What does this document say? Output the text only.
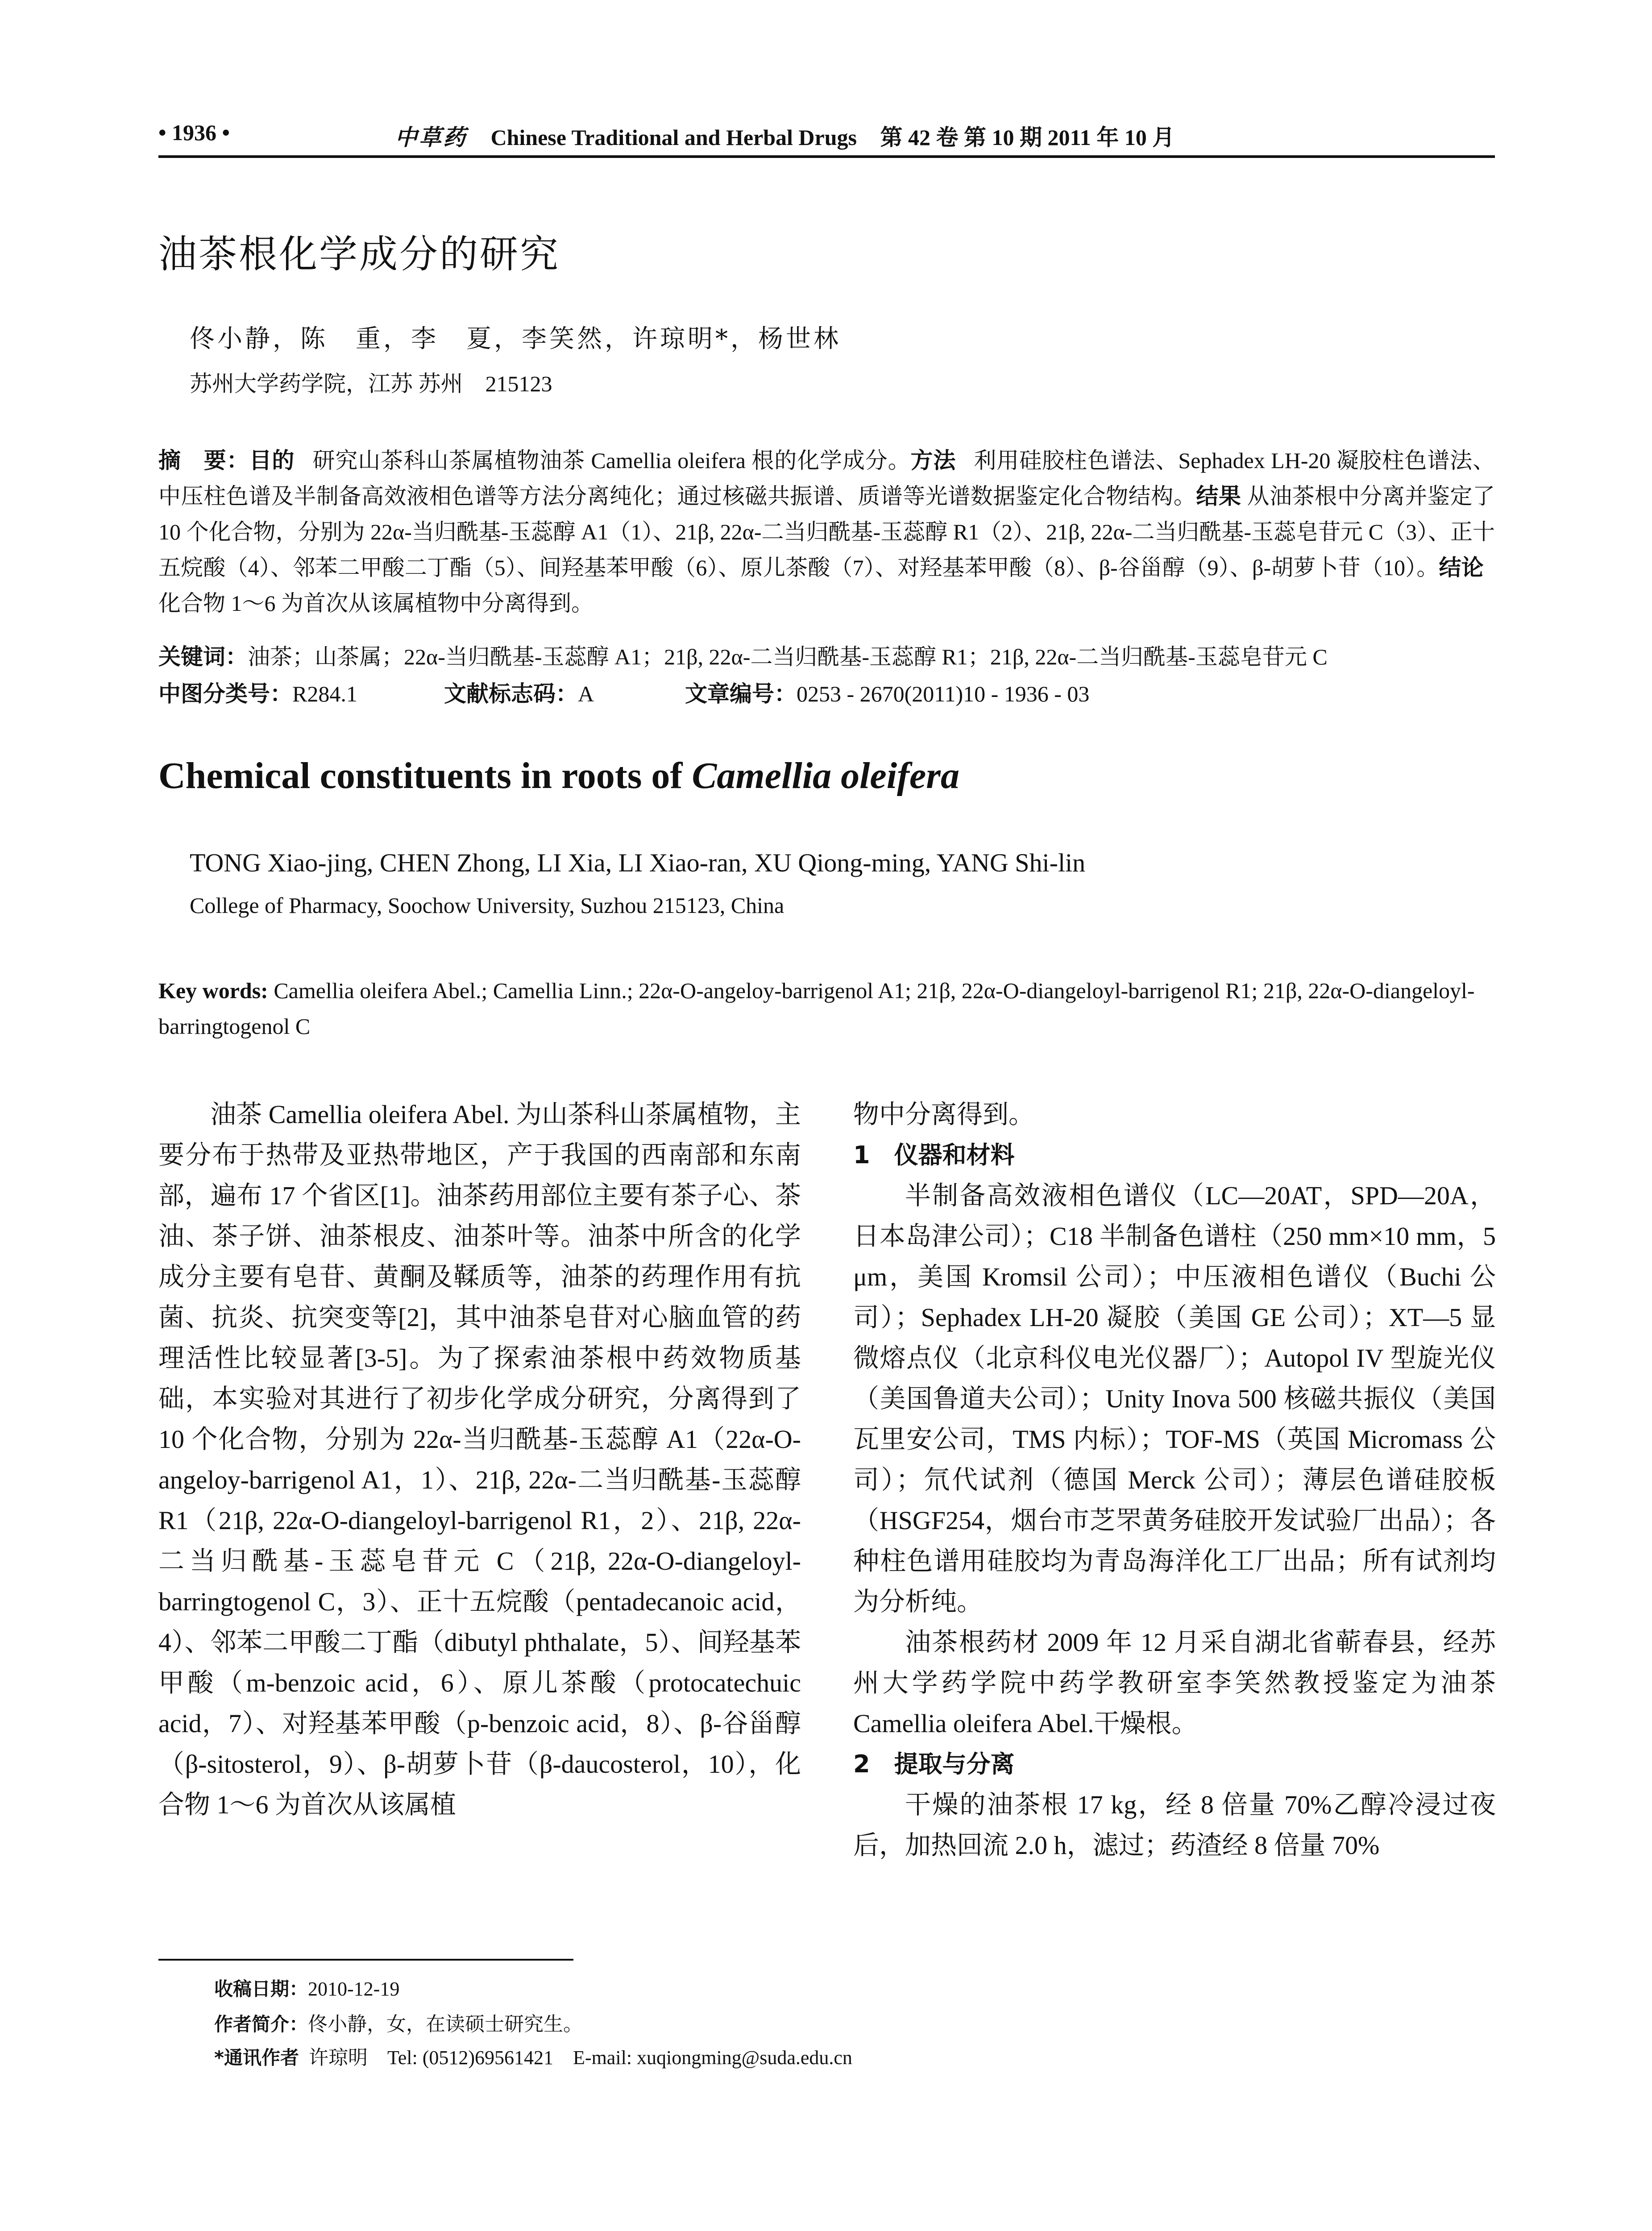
• 1936 •	中草药 Chinese Traditional and Herbal Drugs 第 42 卷 第 10 期 2011 年 10 月
油茶根化学成分的研究
佟小静，陈　重，李　夏，李笑然，许琼明*，杨世林
苏州大学药学院，江苏 苏州　215123
摘　要：目的 研究山茶科山茶属植物油茶 Camellia oleifera 根的化学成分。方法 利用硅胶柱色谱法、Sephadex LH-20 凝胶柱色谱法、中压柱色谱及半制备高效液相色谱等方法分离纯化；通过核磁共振谱、质谱等光谱数据鉴定化合物结构。结果 从油茶根中分离并鉴定了 10 个化合物，分别为 22α-当归酰基-玉蕊醇 A1（1）、21β, 22α-二当归酰基-玉蕊醇 R1（2）、21β, 22α-二当归酰基-玉蕊皂苷元 C（3）、正十五烷酸（4）、邻苯二甲酸二丁酯（5）、间羟基苯甲酸（6）、原儿茶酸（7）、对羟基苯甲酸（8）、β-谷甾醇（9）、β-胡萝卜苷（10）。结论   化合物 1～6 为首次从该属植物中分离得到。
关键词：油茶；山茶属；22α-当归酰基-玉蕊醇 A1；21β, 22α-二当归酰基-玉蕊醇 R1；21β, 22α-二当归酰基-玉蕊皂苷元 C
中图分类号：R284.1	文献标志码：A	文章编号：0253 - 2670(2011)10 - 1936 - 03
Chemical constituents in roots of Camellia oleifera
TONG Xiao-jing, CHEN Zhong, LI Xia, LI Xiao-ran, XU Qiong-ming, YANG Shi-lin
College of Pharmacy, Soochow University, Suzhou 215123, China
Key words: Camellia oleifera Abel.; Camellia Linn.; 22α-O-angeloy-barrigenol A1; 21β, 22α-O-diangeloyl-barrigenol R1; 21β, 22α-O-diangeloyl-barringtogenol C

油茶 Camellia oleifera Abel. 为山茶科山茶属植物，主要分布于热带及亚热带地区，产于我国的西南部和东南部，遍布 17 个省区[1]。油茶药用部位主要有茶子心、茶油、茶子饼、油茶根皮、油茶叶等。油茶中所含的化学成分主要有皂苷、黄酮及鞣质等，油茶的药理作用有抗菌、抗炎、抗突变等[2]，其中油茶皂苷对心脑血管的药理活性比较显著[3-5]。为了探索油茶根中药效物质基础，本实验对其进行了初步化学成分研究，分离得到了 10 个化合物，分别为 22α-当归酰基-玉蕊醇 A1（22α-O-angeloy-barrigenol A1，1）、21β, 22α-二当归酰基-玉蕊醇 R1（21β, 22α-O-diangeloyl-barrigenol R1，2）、21β, 22α-二当归酰基-玉蕊皂苷元 C（21β, 22α-O-diangeloyl-barringtogenol C，3）、正十五烷酸（pentadecanoic acid，4）、邻苯二甲酸二丁酯（dibutyl phthalate，5）、间羟基苯甲酸（m-benzoic acid，6）、原儿茶酸（protocatechuic acid，7）、对羟基苯甲酸（p-benzoic acid，8）、β-谷甾醇（β-sitosterol，9）、β-胡萝卜苷（β-daucosterol，10），化合物 1～6 为首次从该属植

物中分离得到。

1　仪器和材料

半制备高效液相色谱仪（LC—20AT，SPD—20A，日本岛津公司）；C18 半制备色谱柱（250 mm×10 mm，5 μm，美国 Kromsil 公司）；中压液相色谱仪（Buchi 公司）；Sephadex LH-20 凝胶（美国 GE 公司）；XT—5 显微熔点仪（北京科仪电光仪器厂）；Autopol IV 型旋光仪（美国鲁道夫公司）；Unity Inova 500 核磁共振仪（美国瓦里安公司，TMS 内标）；TOF-MS（英国 Micromass 公司）；氘代试剂（德国 Merck 公司）；薄层色谱硅胶板（HSGF254，烟台市芝罘黄务硅胶开发试验厂出品）；各种柱色谱用硅胶均为青岛海洋化工厂出品；所有试剂均为分析纯。

油茶根药材 2009 年 12 月采自湖北省蕲春县，经苏州大学药学院中药学教研室李笑然教授鉴定为油茶 Camellia oleifera Abel.干燥根。

2　提取与分离

干燥的油茶根 17 kg，经 8 倍量 70%乙醇冷浸过夜后，加热回流 2.0 h，滤过；药渣经 8 倍量 70%

收稿日期：2010-12-19
作者简介：佟小静，女，在读硕士研究生。
*通讯作者 许琼明　Tel: (0512)69561421　E-mail: xuqiongming@suda.edu.cn
